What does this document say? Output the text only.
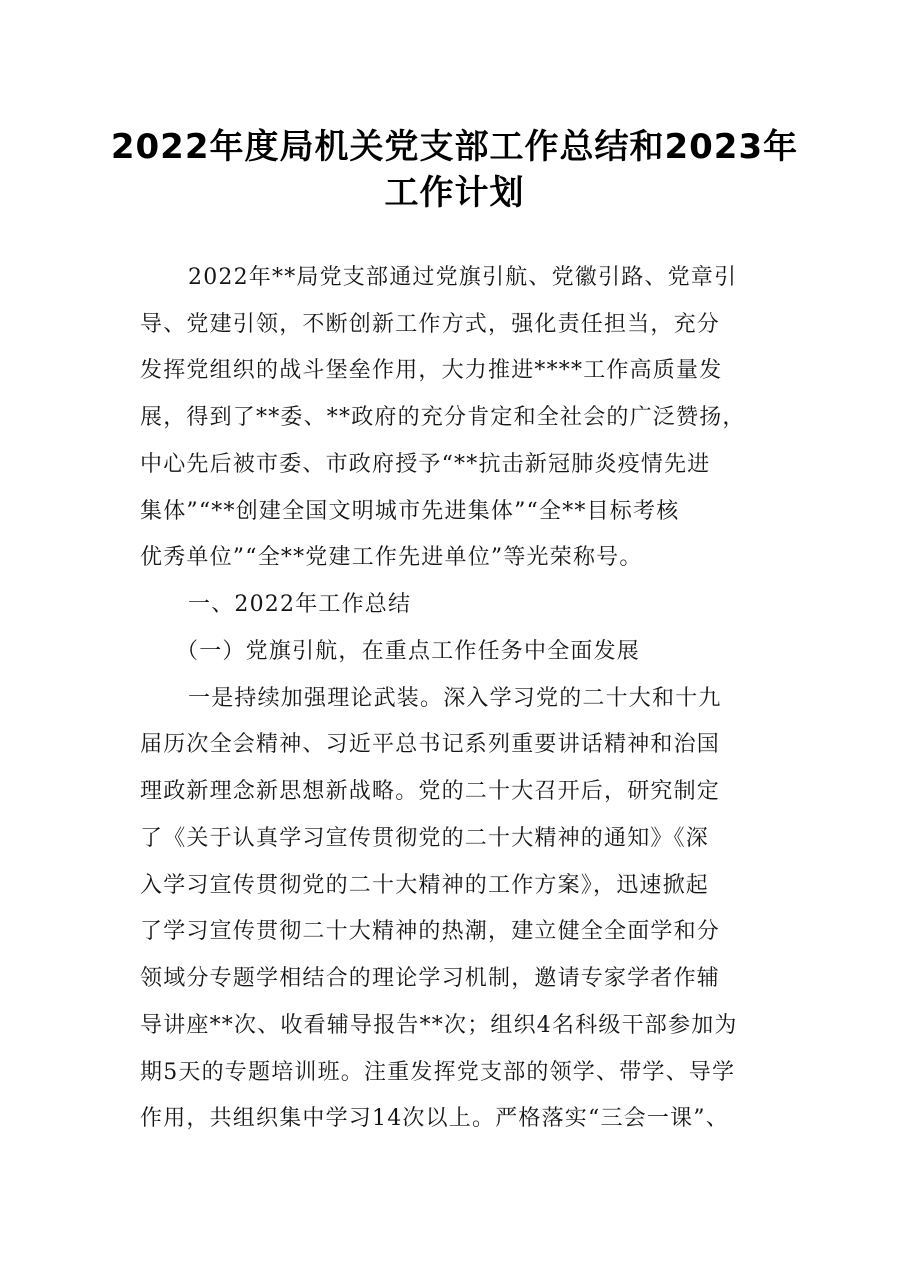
2022年度局机关党支部工作总结和2023年
工作计划
2022年**局党支部通过党旗引航、党徽引路、党章引
导、党建引领，不断创新工作方式，强化责任担当，充分
发挥党组织的战斗堡垒作用，大力推进****工作高质量发
展，得到了**委、**政府的充分肯定和全社会的广泛赞扬，
中心先后被市委、市政府授予“**抗击新冠肺炎疫情先进
集体”“**创建全国文明城市先进集体”“全**目标考核
优秀单位”“全**党建工作先进单位”等光荣称号。
一、2022年工作总结
（一）党旗引航，在重点工作任务中全面发展
一是持续加强理论武装。深入学习党的二十大和十九
届历次全会精神、习近平总书记系列重要讲话精神和治国
理政新理念新思想新战略。党的二十大召开后，研究制定
了《关于认真学习宣传贯彻党的二十大精神的通知》《深
入学习宣传贯彻党的二十大精神的工作方案》，迅速掀起
了学习宣传贯彻二十大精神的热潮，建立健全全面学和分
领域分专题学相结合的理论学习机制，邀请专家学者作辅
导讲座**次、收看辅导报告**次；组织4名科级干部参加为
期5天的专题培训班。注重发挥党支部的领学、带学、导学
作用，共组织集中学习14次以上。严格落实“三会一课”、
